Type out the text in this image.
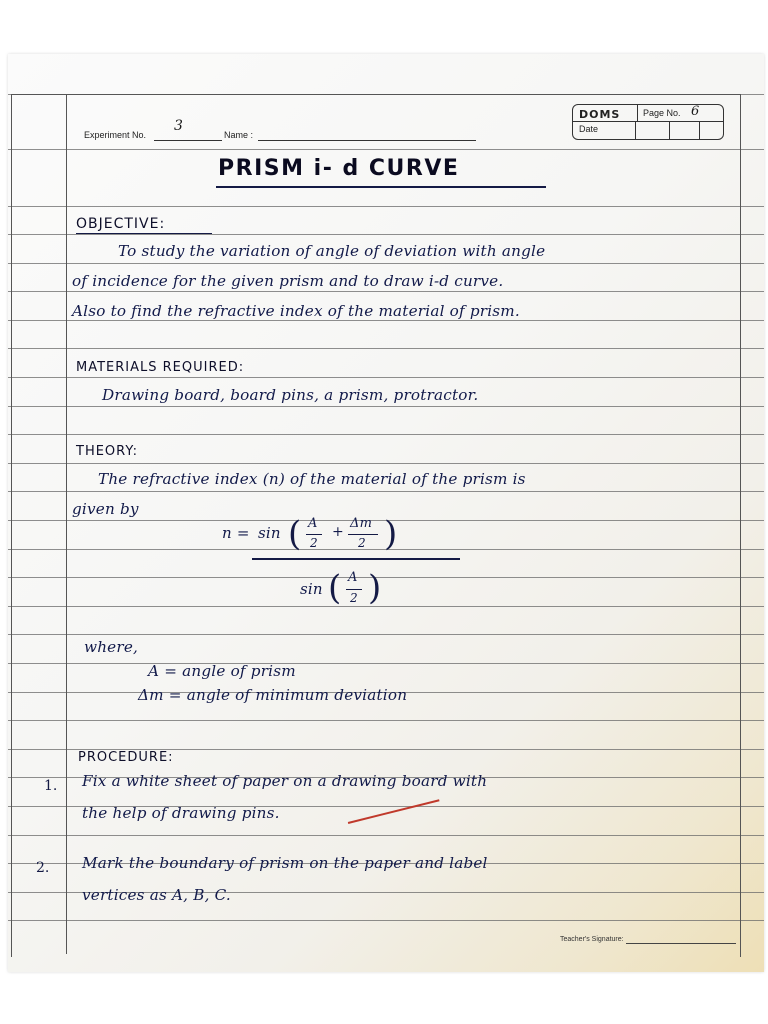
Experiment No.
3
Name :
DOMS	Page No. 6
Date
PRISM i- d CURVE
OBJECTIVE:
To study the variation of angle of deviation with angle
of incidence for the given prism and to draw i-d curve.
Also to find the refractive index of the material of prism.
MATERIALS REQUIRED:
Drawing board, board pins, a prism, protractor.
THEORY:
The refractive index (n) of the material of the prism is
given by
n = sin ( A
2
+
Δm
2 )
sin ( A
2 )
where,
A = angle of prism
Δm = angle of minimum deviation
PROCEDURE:
1. Fix a white sheet of paper on a drawing board with
the help of drawing pins.
2. Mark the boundary of prism on the paper and label
vertices as A, B, C.
Teacher's Signature:
